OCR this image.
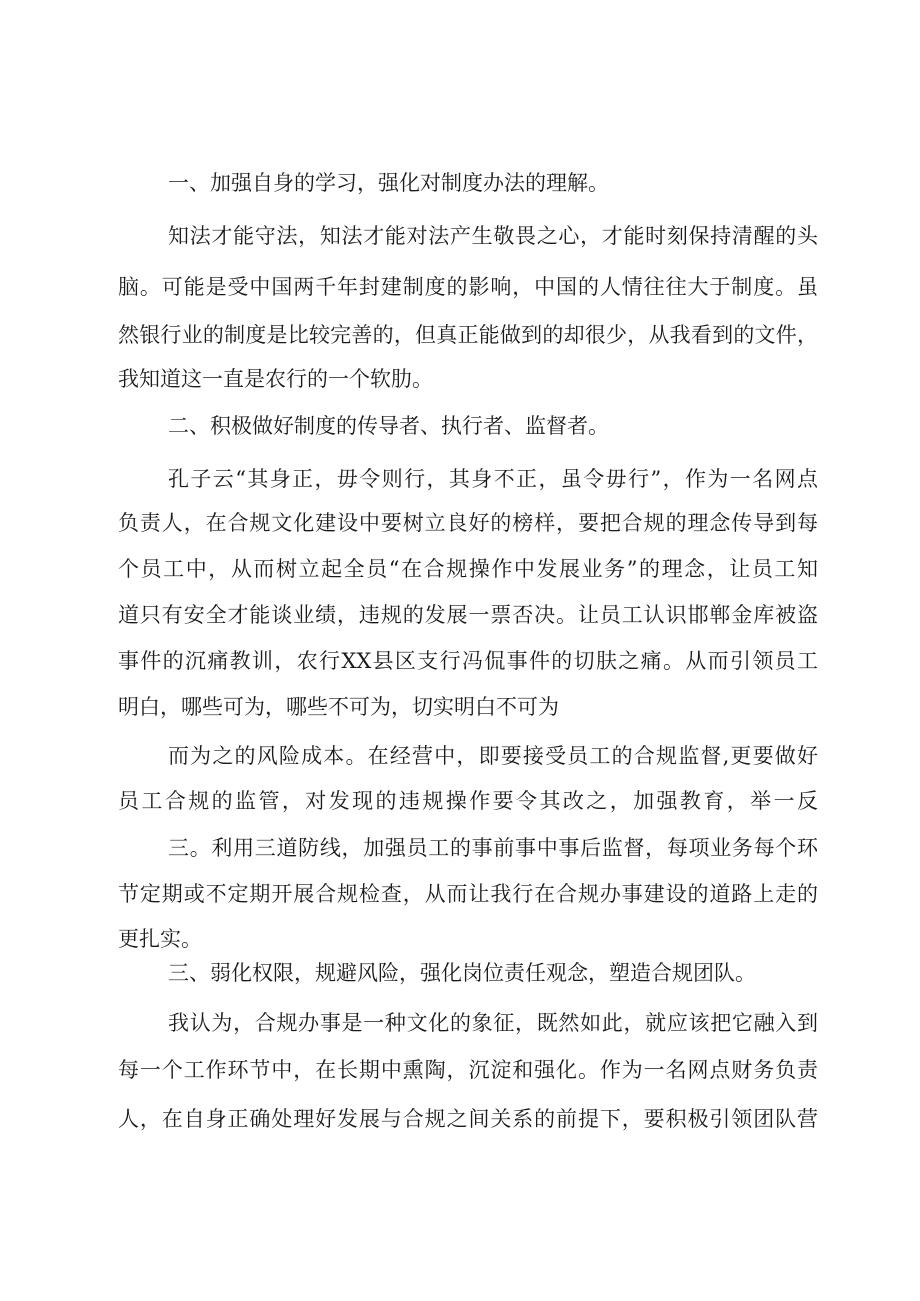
一、加强自身的学习，强化对制度办法的理解。
知法才能守法，知法才能对法产生敬畏之心，才能时刻保持清醒的头
脑。可能是受中国两千年封建制度的影响，中国的人情往往大于制度。虽
然银行业的制度是比较完善的，但真正能做到的却很少，从我看到的文件，
我知道这一直是农行的一个软肋。
二、积极做好制度的传导者、执行者、监督者。
孔子云“其身正，毋令则行，其身不正，虽令毋行”，作为一名网点
负责人，在合规文化建设中要树立良好的榜样，要把合规的理念传导到每
个员工中，从而树立起全员“在合规操作中发展业务”的理念，让员工知
道只有安全才能谈业绩，违规的发展一票否决。让员工认识邯郸金库被盗
事件的沉痛教训，农行XX县区支行冯侃事件的切肤之痛。从而引领员工
明白，哪些可为，哪些不可为，切实明白不可为
而为之的风险成本。在经营中，即要接受员工的合规监督,更要做好
员工合规的监管，对发现的违规操作要令其改之，加强教育，举一反
三。利用三道防线，加强员工的事前事中事后监督，每项业务每个环
节定期或不定期开展合规检查，从而让我行在合规办事建设的道路上走的
更扎实。
三、弱化权限，规避风险，强化岗位责任观念，塑造合规团队。
我认为，合规办事是一种文化的象征，既然如此，就应该把它融入到
每一个工作环节中，在长期中熏陶，沉淀和强化。作为一名网点财务负责
人，在自身正确处理好发展与合规之间关系的前提下，要积极引领团队营
